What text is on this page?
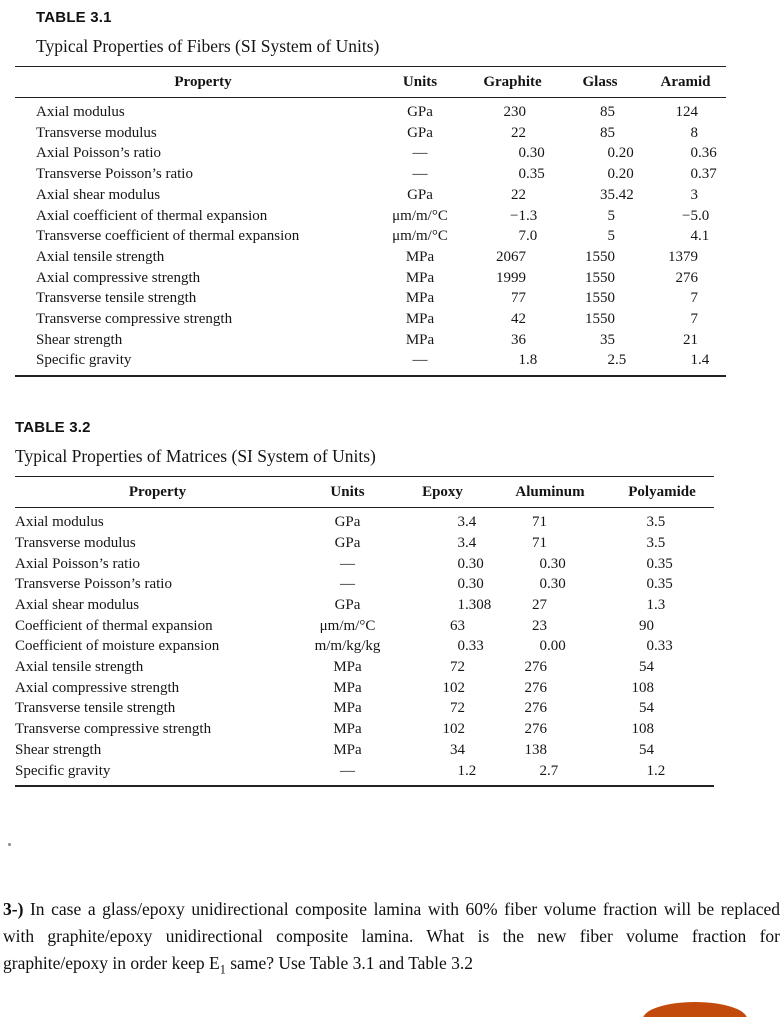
TABLE 3.1
Typical Properties of Fibers (SI System of Units)
Property	Units	Graphite	Glass	Aramid
Axial modulus	GPa	230	85	124
Transverse modulus	GPa	22	85	8
Axial Poisson’s ratio	—	0.30	0.20	0.36
Transverse Poisson’s ratio	—	0.35	0.20	0.37
Axial shear modulus	GPa	22	35.42	3
Axial coefficient of thermal expansion	μm/m/°C	−1.3	5	−5.0
Transverse coefficient of thermal expansion	μm/m/°C	7.0	5	4.1
Axial tensile strength	MPa	2067	1550	1379
Axial compressive strength	MPa	1999	1550	276
Transverse tensile strength	MPa	77	1550	7
Transverse compressive strength	MPa	42	1550	7
Shear strength	MPa	36	35	21
Specific gravity	—	1.8	2.5	1.4
TABLE 3.2
Typical Properties of Matrices (SI System of Units)
Property	Units	Epoxy	Aluminum	Polyamide
Axial modulus	GPa	3.4	71	3.5
Transverse modulus	GPa	3.4	71	3.5
Axial Poisson’s ratio	—	0.30	0.30	0.35
Transverse Poisson’s ratio	—	0.30	0.30	0.35
Axial shear modulus	GPa	1.308	27	1.3
Coefficient of thermal expansion	μm/m/°C	63	23	90
Coefficient of moisture expansion	m/m/kg/kg	0.33	0.00	0.33
Axial tensile strength	MPa	72	276	54
Axial compressive strength	MPa	102	276	108
Transverse tensile strength	MPa	72	276	54
Transverse compressive strength	MPa	102	276	108
Shear strength	MPa	34	138	54
Specific gravity	—	1.2	2.7	1.2

3-) In case a glass/epoxy unidirectional composite lamina with 60% fiber volume fraction will be replaced with graphite/epoxy unidirectional composite lamina. What is the new fiber volume fraction for graphite/epoxy in order keep $E_1$ same? Use Table 3.1 and Table 3.2
